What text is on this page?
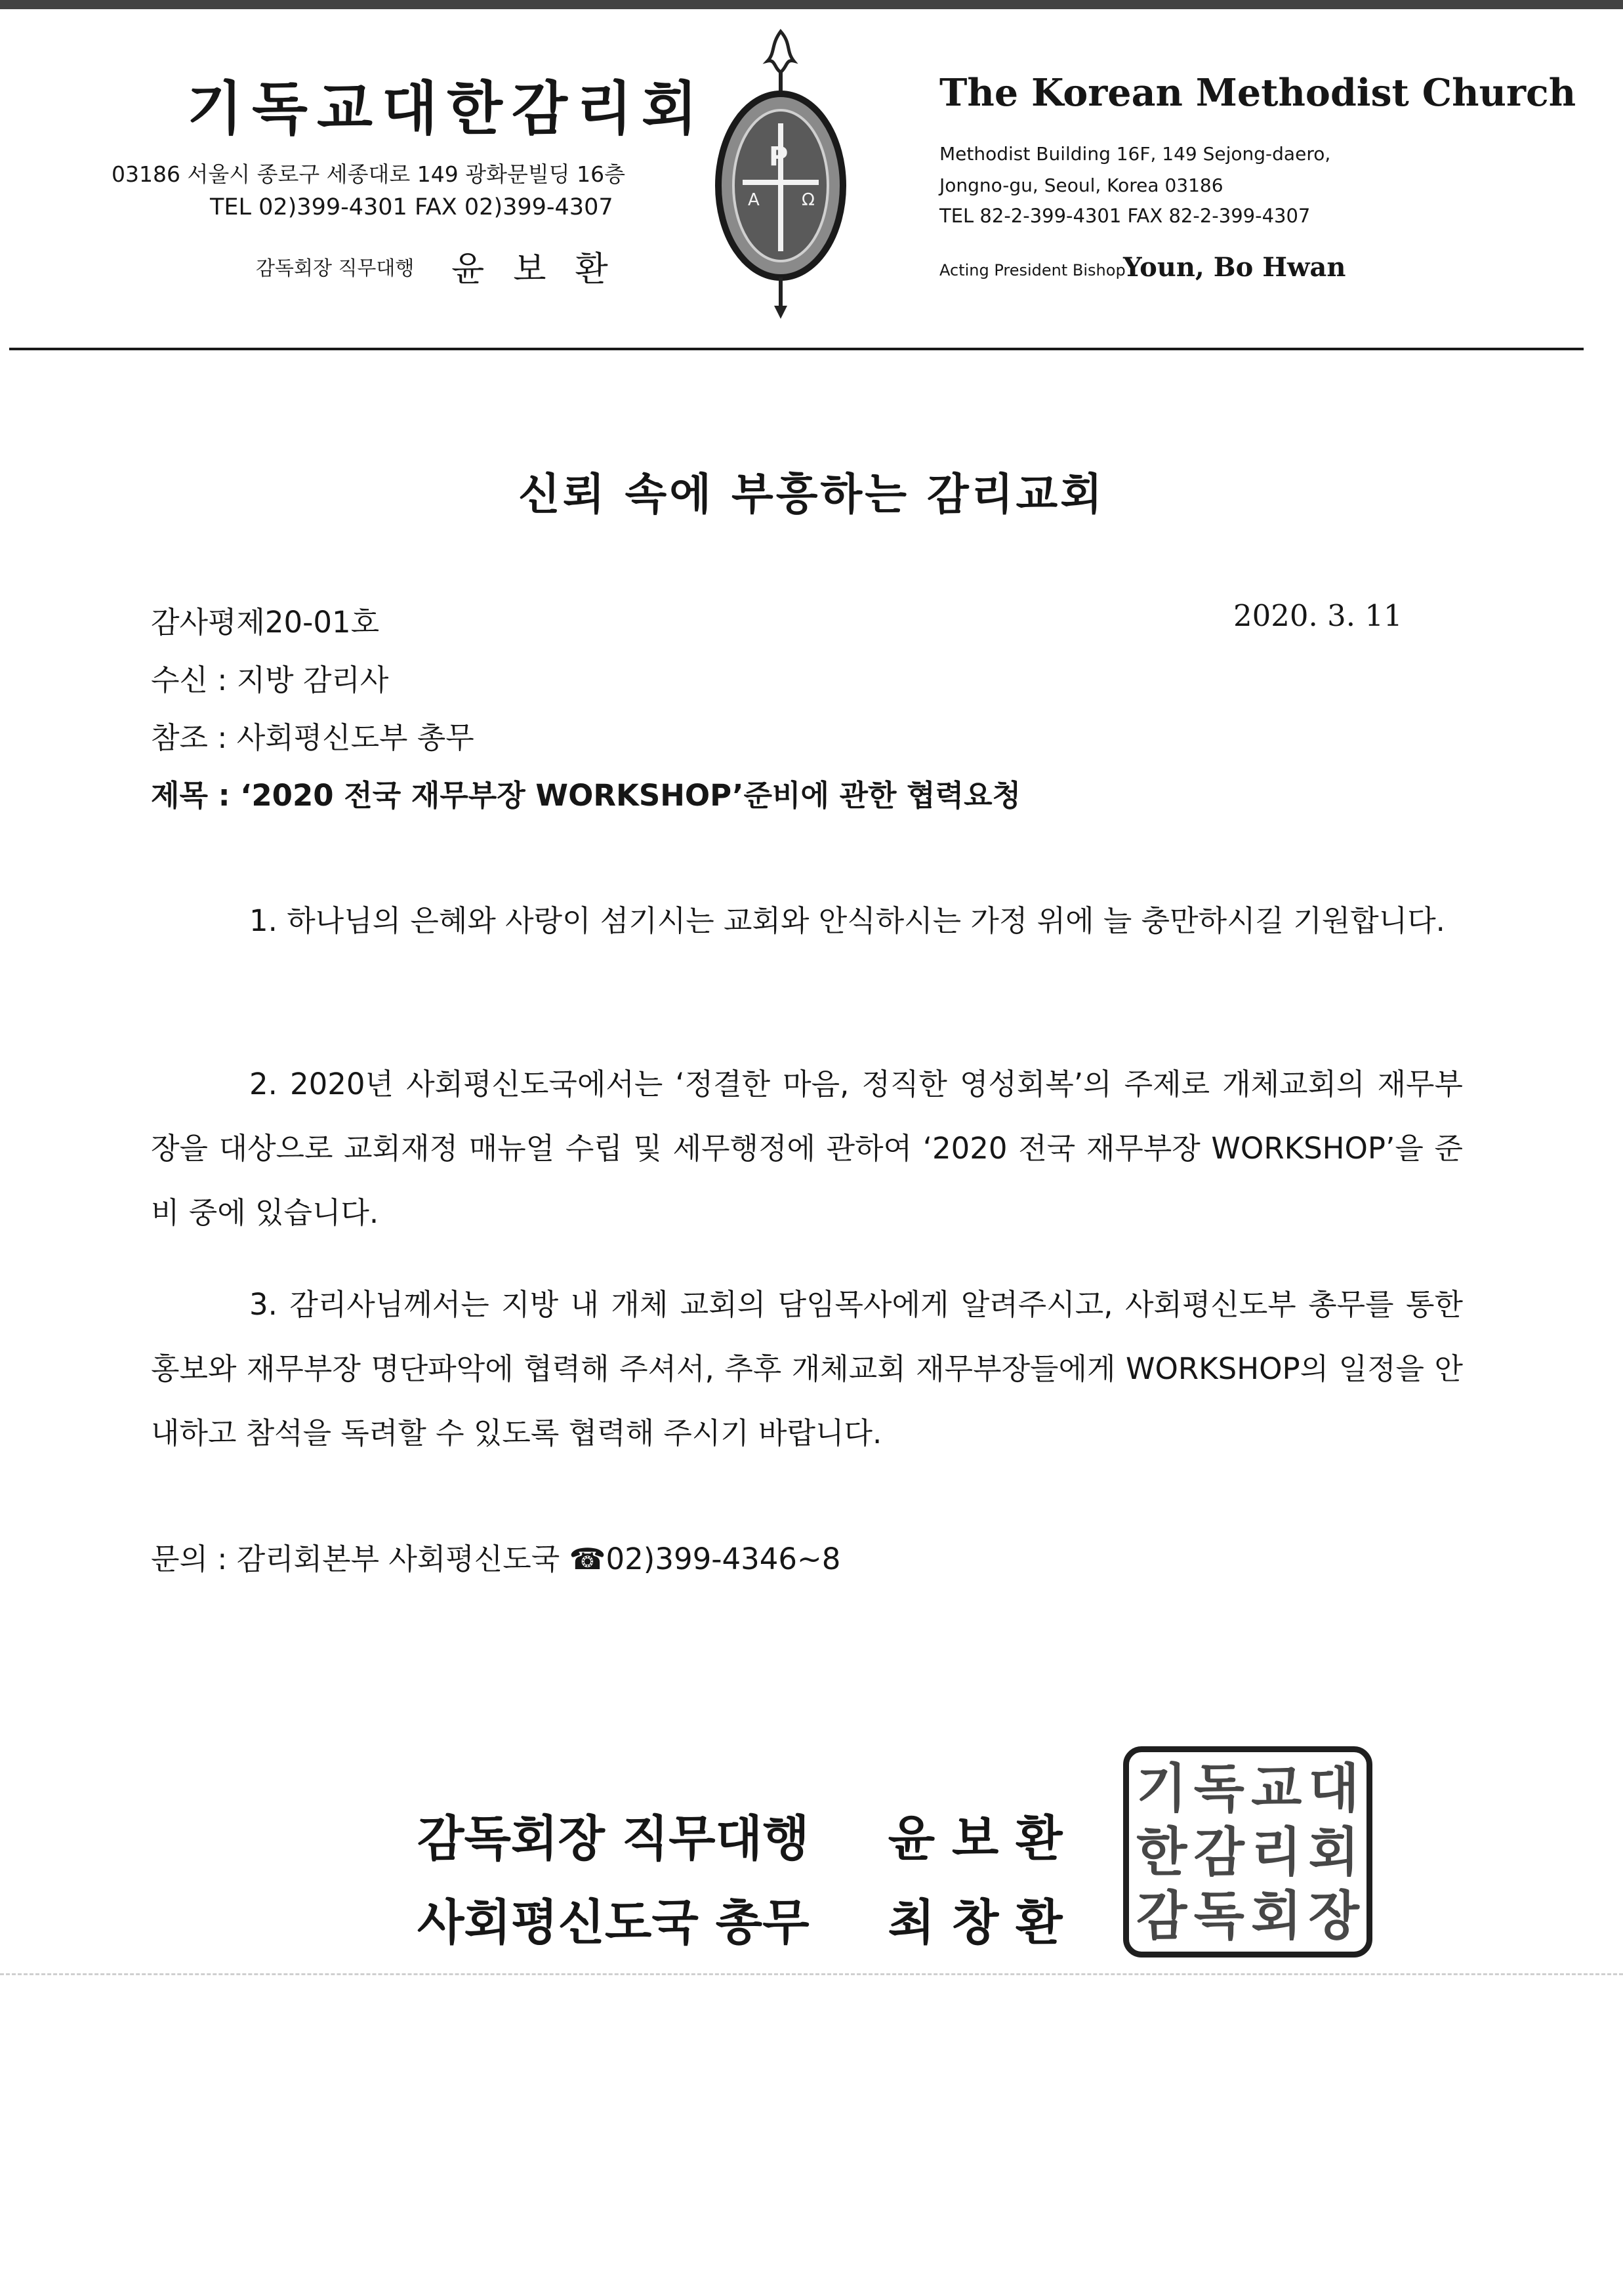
기독교대한감리회
03186 서울시 종로구 세종대로 149 광화문빌딩 16층
TEL 02)399-4301 FAX 02)399-4307
감독회장 직무대행 윤보환
P
A Ω
The Korean Methodist Church
Methodist Building 16F, 149 Sejong-daero,
Jongno-gu, Seoul, Korea 03186
TEL 82-2-399-4301 FAX 82-2-399-4307
Acting President Bishop
Youn, Bo Hwan
신뢰 속에 부흥하는 감리교회
감사평제20-01호	2020. 3. 11
수신 : 지방 감리사
참조 : 사회평신도부 총무
제목 : ‘2020 전국 재무부장 WORKSHOP’준비에 관한 협력요청
1. 하나님의 은혜와 사랑이 섬기시는 교회와 안식하시는 가정 위에 늘 충만하시길 기원합니다.
2. 2020년 사회평신도국에서는 ‘정결한 마음, 정직한 영성회복’의 주제로 개체교회의 재무부장을 대상으로 교회재정 매뉴얼 수립 및 세무행정에 관하여 ‘2020 전국 재무부장 WORKSHOP’을 준비 중에 있습니다.
3. 감리사님께서는 지방 내 개체 교회의 담임목사에게 알려주시고, 사회평신도부 총무를 통한 홍보와 재무부장 명단파악에 협력해 주셔서, 추후 개체교회 재무부장들에게 WORKSHOP의 일정을 안내하고 참석을 독려할 수 있도록 협력해 주시기 바랍니다.
문의 : 감리회본부 사회평신도국 ☎02)399-4346~8
기 독 교 대
한 감 리 회
감 독 회 장
감독회장 직무대행 윤 보 환
사회평신도국 총무 최 창 환
